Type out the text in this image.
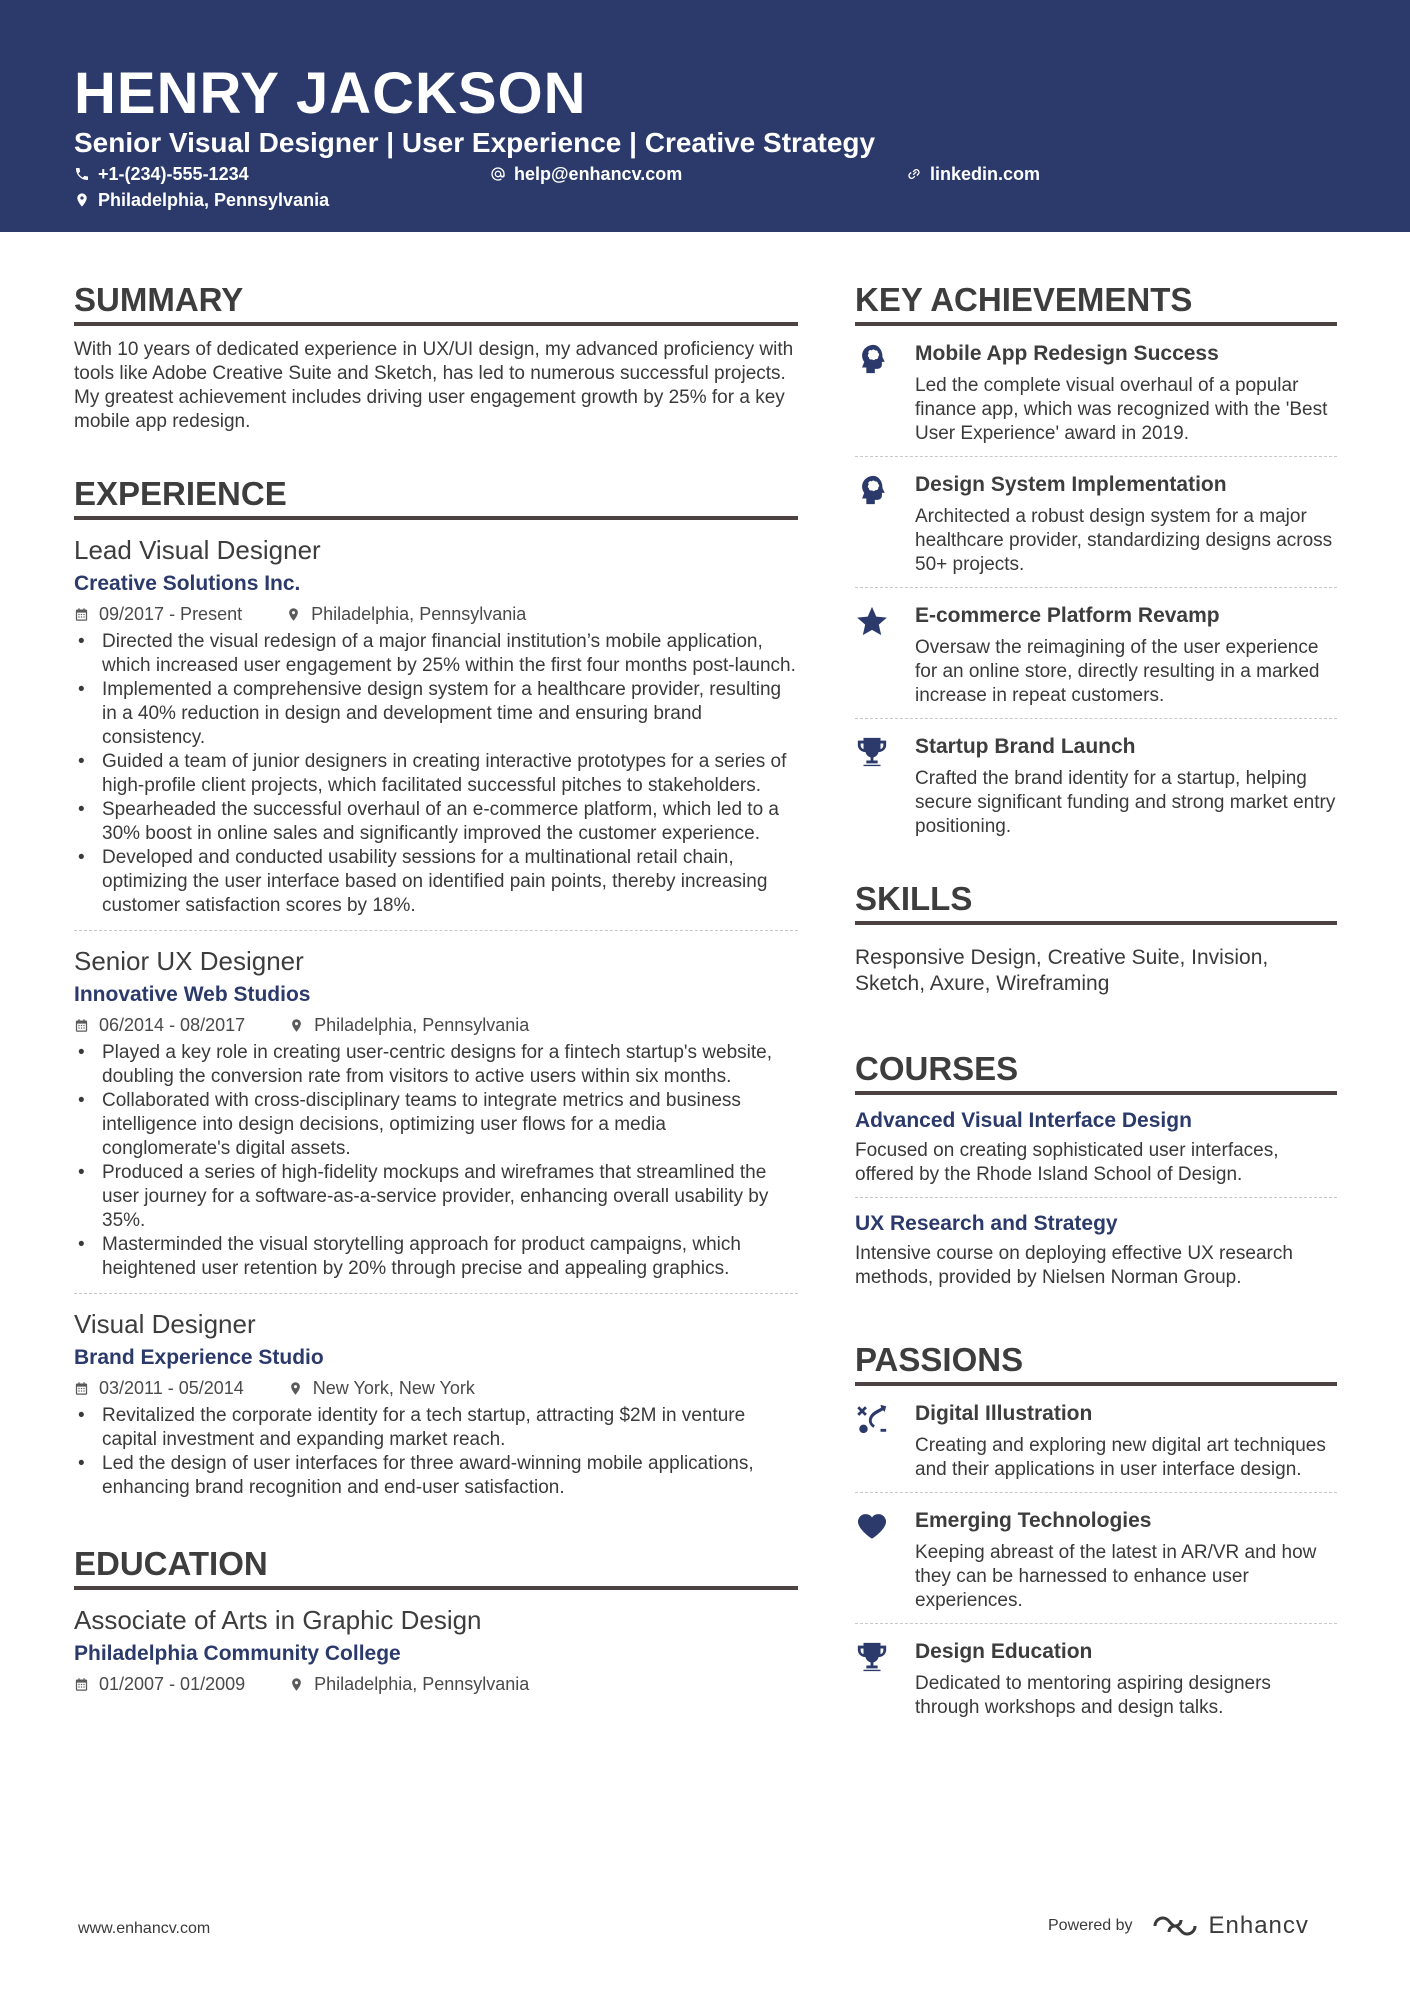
HENRY JACKSON
Senior Visual Designer | User Experience | Creative Strategy
+1-(234)-555-1234	help@enhancv.com	linkedin.com
Philadelphia, Pennsylvania
SUMMARY
With 10 years of dedicated experience in UX/UI design, my advanced proficiency with tools like Adobe Creative Suite and Sketch, has led to numerous successful projects. My greatest achievement includes driving user engagement growth by 25% for a key mobile app redesign.
EXPERIENCE
Lead Visual Designer
Creative Solutions Inc.
09/2017 - Present	Philadelphia, Pennsylvania
• Directed the visual redesign of a major financial institution’s mobile application, which increased user engagement by 25% within the first four months post-launch.
• Implemented a comprehensive design system for a healthcare provider, resulting in a 40% reduction in design and development time and ensuring brand consistency.
• Guided a team of junior designers in creating interactive prototypes for a series of high-profile client projects, which facilitated successful pitches to stakeholders.
• Spearheaded the successful overhaul of an e-commerce platform, which led to a 30% boost in online sales and significantly improved the customer experience.
• Developed and conducted usability sessions for a multinational retail chain, optimizing the user interface based on identified pain points, thereby increasing customer satisfaction scores by 18%.
Senior UX Designer
Innovative Web Studios
06/2014 - 08/2017	Philadelphia, Pennsylvania
• Played a key role in creating user-centric designs for a fintech startup's website, doubling the conversion rate from visitors to active users within six months.
• Collaborated with cross-disciplinary teams to integrate metrics and business intelligence into design decisions, optimizing user flows for a media conglomerate's digital assets.
• Produced a series of high-fidelity mockups and wireframes that streamlined the user journey for a software-as-a-service provider, enhancing overall usability by 35%.
• Masterminded the visual storytelling approach for product campaigns, which heightened user retention by 20% through precise and appealing graphics.
Visual Designer
Brand Experience Studio
03/2011 - 05/2014	New York, New York
• Revitalized the corporate identity for a tech startup, attracting $2M in venture capital investment and expanding market reach.
• Led the design of user interfaces for three award-winning mobile applications, enhancing brand recognition and end-user satisfaction.
EDUCATION
Associate of Arts in Graphic Design
Philadelphia Community College
01/2007 - 01/2009	Philadelphia, Pennsylvania
KEY ACHIEVEMENTS
Mobile App Redesign Success
Led the complete visual overhaul of a popular finance app, which was recognized with the 'Best User Experience' award in 2019.
Design System Implementation
Architected a robust design system for a major healthcare provider, standardizing designs across 50+ projects.
E-commerce Platform Revamp
Oversaw the reimagining of the user experience for an online store, directly resulting in a marked increase in repeat customers.
Startup Brand Launch
Crafted the brand identity for a startup, helping secure significant funding and strong market entry positioning.
SKILLS
Responsive Design, Creative Suite, Invision, Sketch, Axure, Wireframing
COURSES
Advanced Visual Interface Design
Focused on creating sophisticated user interfaces, offered by the Rhode Island School of Design.
UX Research and Strategy
Intensive course on deploying effective UX research methods, provided by Nielsen Norman Group.
PASSIONS
Digital Illustration
Creating and exploring new digital art techniques and their applications in user interface design.
Emerging Technologies
Keeping abreast of the latest in AR/VR and how they can be harnessed to enhance user experiences.
Design Education
Dedicated to mentoring aspiring designers through workshops and design talks.
www.enhancv.com	Powered by	Enhancv
